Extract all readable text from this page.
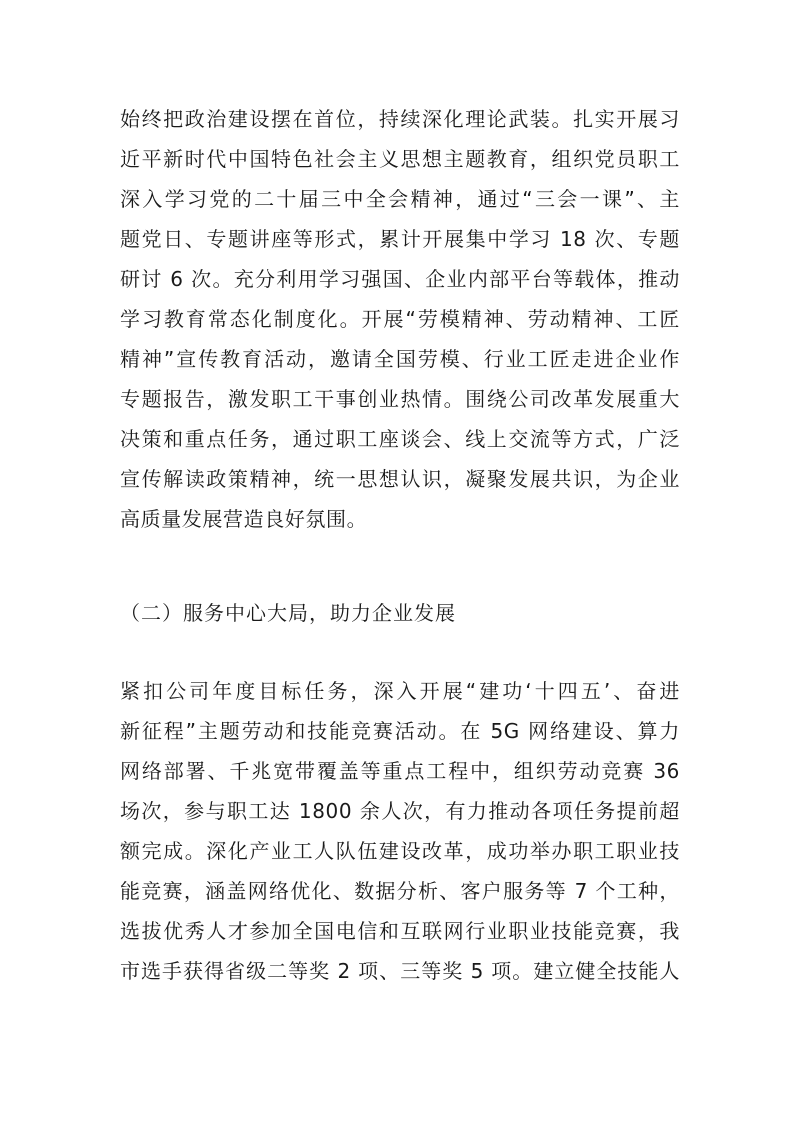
始终把政治建设摆在首位，持续深化理论武装。扎实开展习
近平新时代中国特色社会主义思想主题教育，组织党员职工
深入学习党的二十届三中全会精神，通过“三会一课”、主
题党日、专题讲座等形式，累计开展集中学习 18 次、专题
研讨 6 次。充分利用学习强国、企业内部平台等载体，推动
学习教育常态化制度化。开展“劳模精神、劳动精神、工匠
精神”宣传教育活动，邀请全国劳模、行业工匠走进企业作
专题报告，激发职工干事创业热情。围绕公司改革发展重大
决策和重点任务，通过职工座谈会、线上交流等方式，广泛
宣传解读政策精神，统一思想认识，凝聚发展共识，为企业
高质量发展营造良好氛围。
（二）服务中心大局，助力企业发展
紧扣公司年度目标任务，深入开展“建功‘十四五’、奋进
新征程”主题劳动和技能竞赛活动。在 5G 网络建设、算力
网络部署、千兆宽带覆盖等重点工程中，组织劳动竞赛 36
场次，参与职工达 1800 余人次，有力推动各项任务提前超
额完成。深化产业工人队伍建设改革，成功举办职工职业技
能竞赛，涵盖网络优化、数据分析、客户服务等 7 个工种，
选拔优秀人才参加全国电信和互联网行业职业技能竞赛，我
市选手获得省级二等奖 2 项、三等奖 5 项。建立健全技能人
